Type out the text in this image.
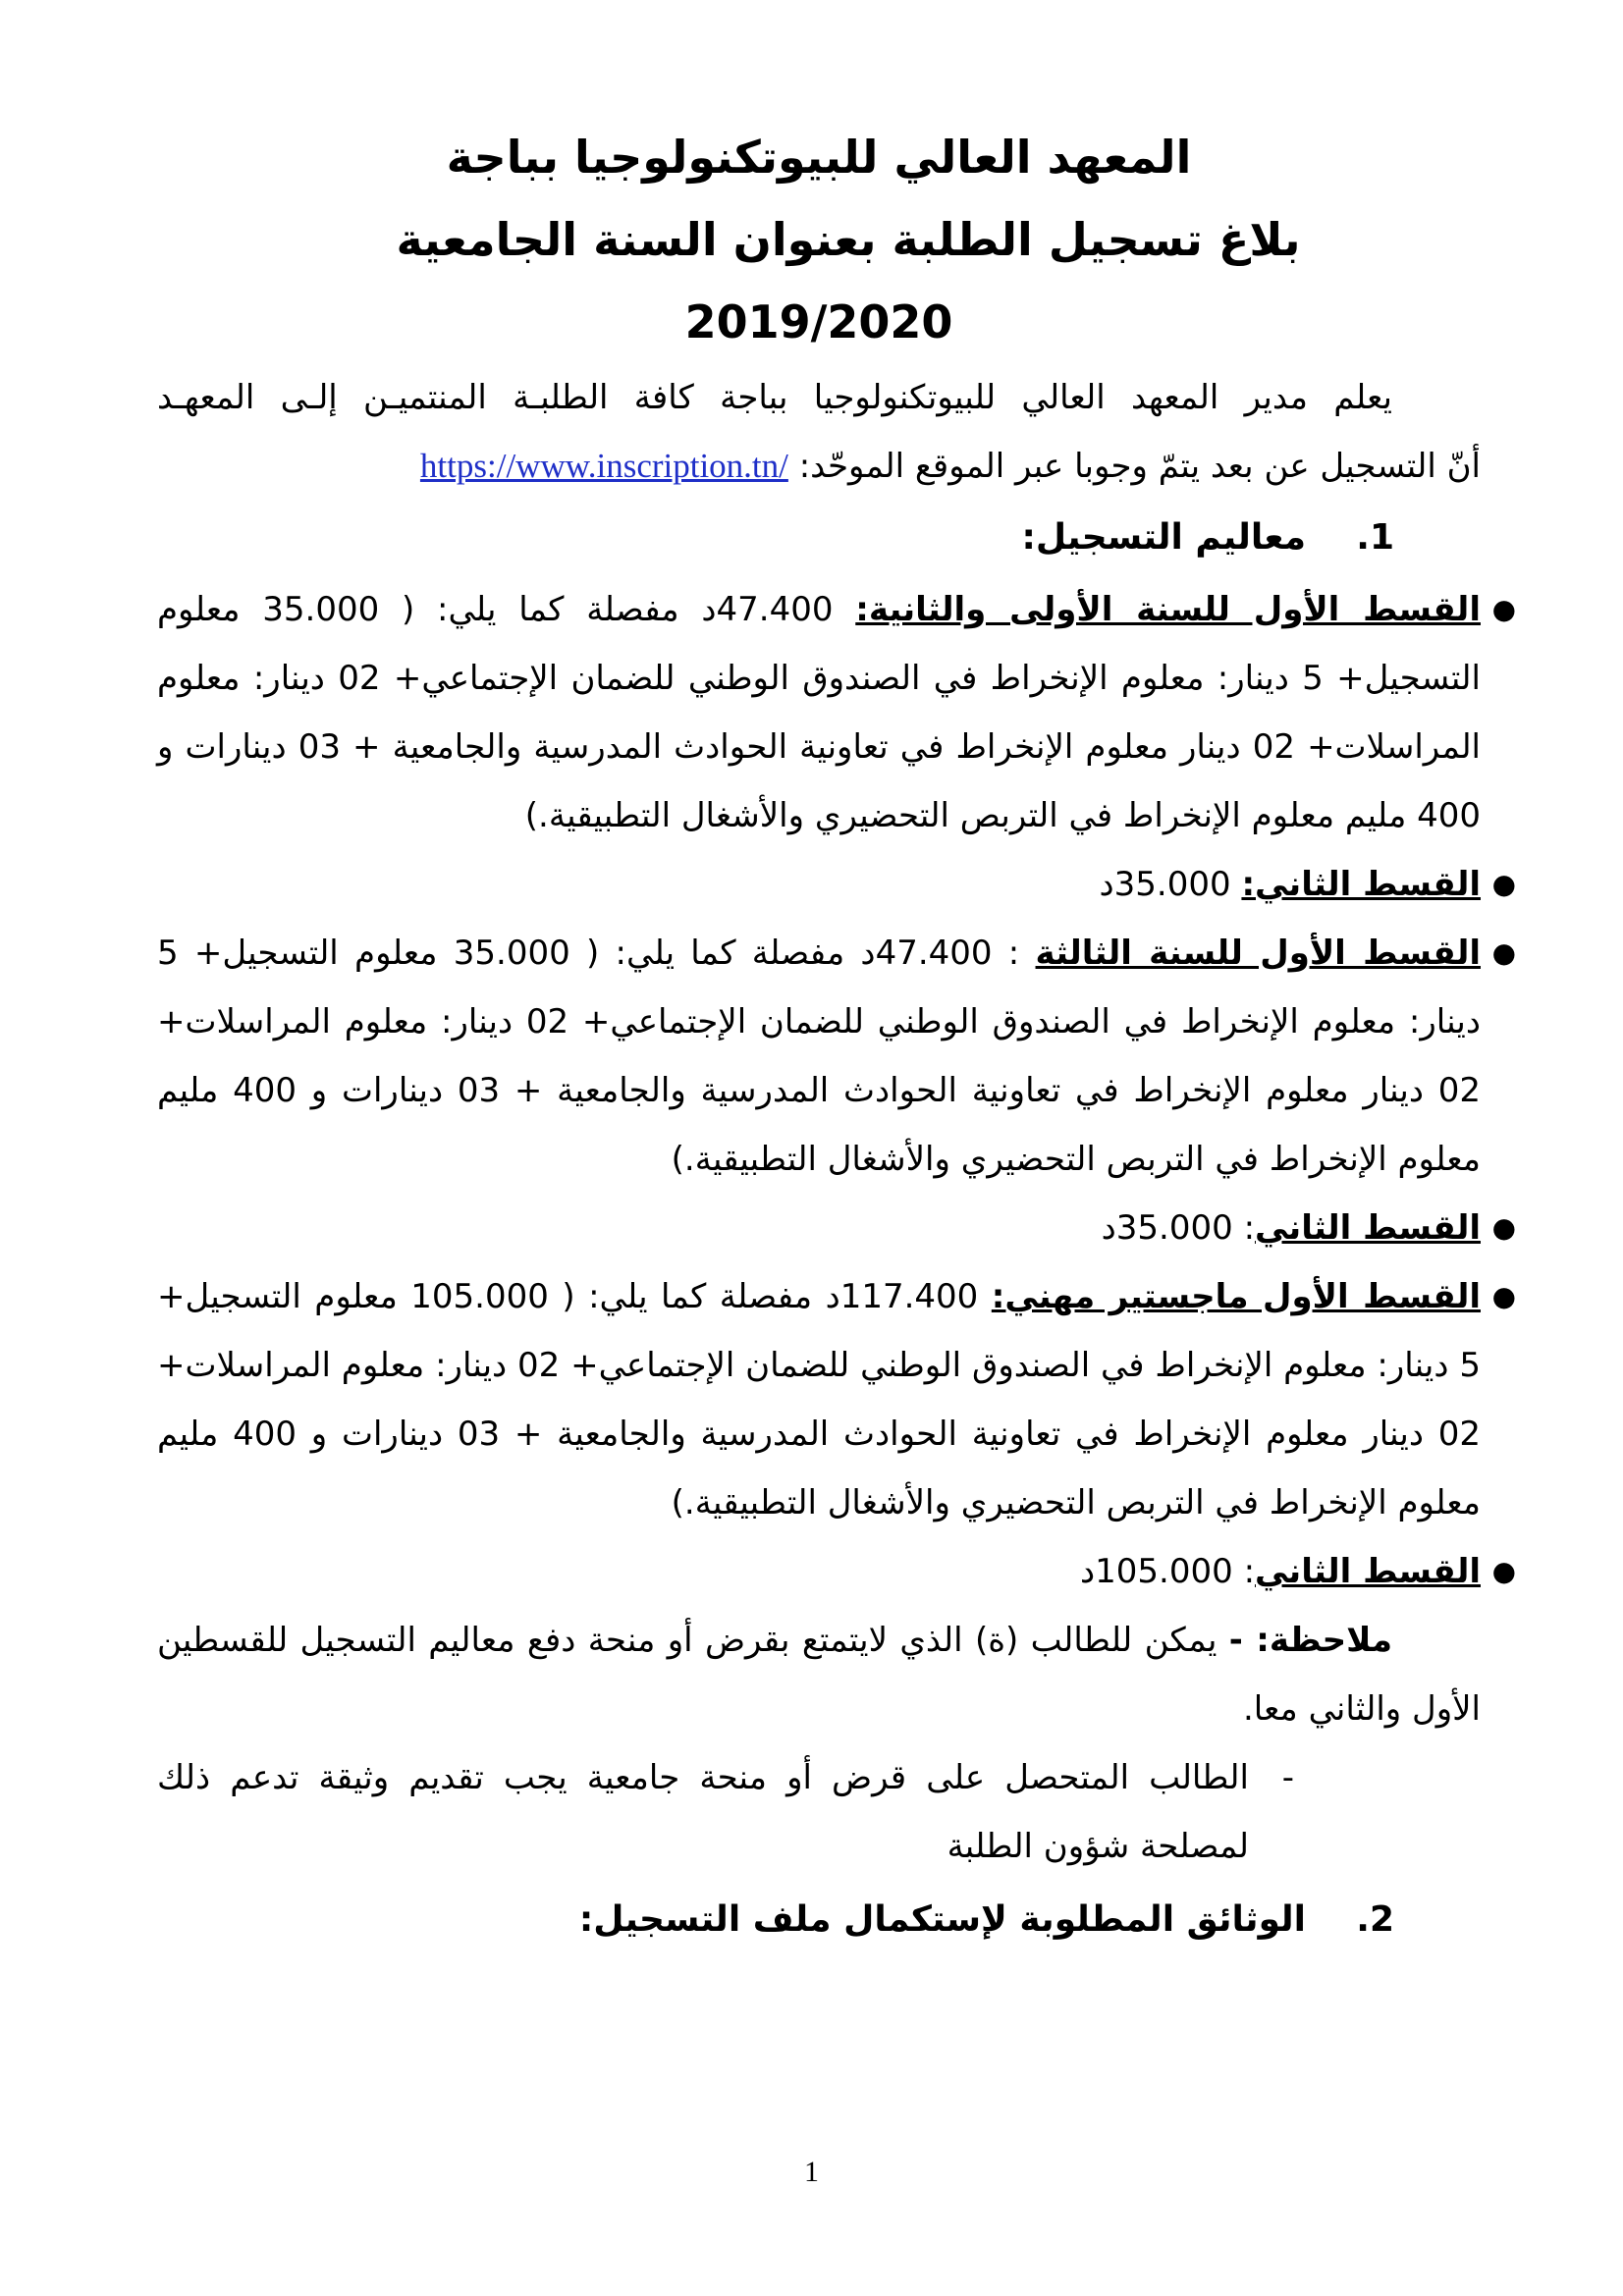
المعهد العالي للبيوتكنولوجيا بباجة
بلاغ تسجيل الطلبة بعنوان السنة الجامعية
2019/2020

يعلم مدير المعهد العالي للبيوتكنولوجيا بباجة كافة الطلبـة المنتميـن إلـى المعهـد

أنّ التسجيل عن بعد يتمّ وجوبا عبر الموقع الموحّد: https://www.inscription.tn/

1.
معاليم التسجيل:
●
القسط الأول للسنة الأولى والثانية: 47.400د مفصلة كما يلي: ( 35.000 معلوم التسجيل+ 5 دينار: معلوم الإنخراط في الصندوق الوطني للضمان الإجتماعي+ 02 دينار: معلوم المراسلات+ 02 دينار معلوم الإنخراط في تعاونية الحوادث المدرسية والجامعية + 03 دينارات و 400 مليم معلوم الإنخراط في التربص التحضيري والأشغال التطبيقية.)
●
القسط الثاني: 35.000د
●
القسط الأول للسنة الثالثة : 47.400د مفصلة كما يلي: ( 35.000 معلوم التسجيل+ 5 دينار: معلوم الإنخراط في الصندوق الوطني للضمان الإجتماعي+ 02 دينار: معلوم المراسلات+ 02 دينار معلوم الإنخراط في تعاونية الحوادث المدرسية والجامعية + 03 دينارات و 400 مليم معلوم الإنخراط في التربص التحضيري والأشغال التطبيقية.)
●
القسط الثاني: 35.000د
●
القسط الأول ماجستير مهني: 117.400د مفصلة كما يلي: ( 105.000 معلوم التسجيل+ 5 دينار: معلوم الإنخراط في الصندوق الوطني للضمان الإجتماعي+ 02 دينار: معلوم المراسلات+ 02 دينار معلوم الإنخراط في تعاونية الحوادث المدرسية والجامعية + 03 دينارات و 400 مليم معلوم الإنخراط في التربص التحضيري والأشغال التطبيقية.)
●
القسط الثاني: 105.000د

ملاحظة: - يمكن للطالب (ة) الذي لايتمتع بقرض أو منحة دفع معاليم التسجيل للقسطين الأول والثاني معا.

-
الطالب المتحصل على قرض أو منحة جامعية يجب تقديم وثيقة تدعم ذلك لمصلحة شؤون الطلبة

2.
الوثائق المطلوبة لإستكمال ملف التسجيل:
1
